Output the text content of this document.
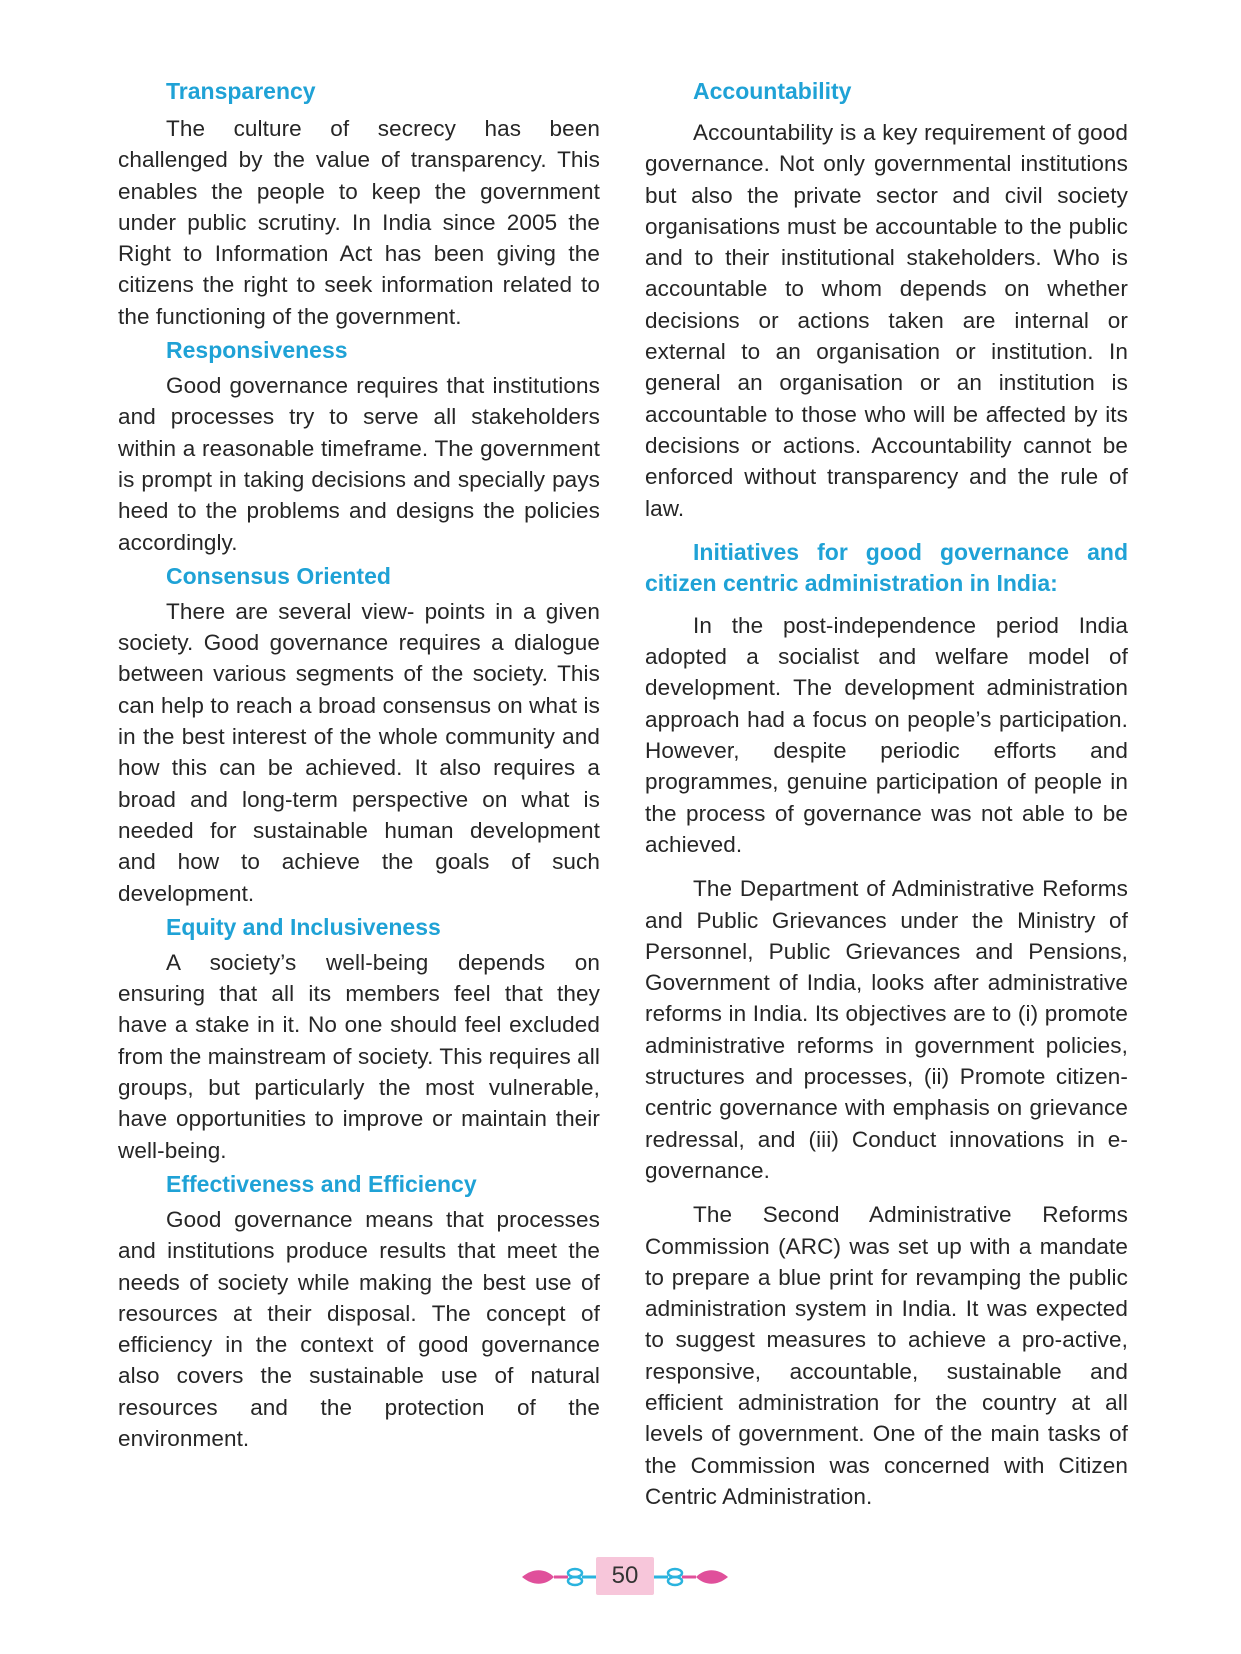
Transparency

The culture of secrecy has been challenged by the value of transparency. This enables the people to keep the government under public scrutiny. In India since 2005 the Right to Information Act has been giving the citizens the right to seek information related to the functioning of the government.

Responsiveness

Good governance requires that institutions and processes try to serve all stakeholders within a reasonable timeframe. The government is prompt in taking decisions and specially pays heed to the problems and designs the policies accordingly.

Consensus Oriented

There are several view- points in a given society. Good governance requires a dialogue between various segments of the society. This can help to reach a broad consensus on what is in the best interest of the whole community and how this can be achieved. It also requires a broad and long-term perspective on what is needed for sustainable human development and how to achieve the goals of such development.

Equity and Inclusiveness

A society’s well-being depends on ensuring that all its members feel that they have a stake in it. No one should feel excluded from the mainstream of society. This requires all groups, but particularly the most vulnerable, have opportunities to improve or maintain their well-being.

Effectiveness and Efficiency

Good governance means that processes and institutions produce results that meet the needs of society while making the best use of resources at their disposal. The concept of efficiency in the context of good governance also covers the sustainable use of natural resources and the protection of the environment.

Accountability

Accountability is a key requirement of good governance. Not only governmental institutions but also the private sector and civil society organisations must be accountable to the public and to their institutional stakeholders. Who is accountable to whom depends on whether decisions or actions taken are internal or external to an organisation or institution. In general an organisation or an institution is accountable to those who will be affected by its decisions or actions. Accountability cannot be enforced without transparency and the rule of law.

Initiatives for good governance and citizen centric administration in India:

In the post-independence period India adopted a socialist and welfare model of development. The development administration approach had a focus on people’s participation. However, despite periodic efforts and programmes, genuine participation of people in the process of governance was not able to be achieved.

The Department of Administrative Reforms and Public Grievances under the Ministry of Personnel, Public Grievances and Pensions, Government of India, looks after administrative reforms in India. Its objectives are to (i) promote administrative reforms in government policies, structures and processes, (ii) Promote citizen-centric governance with emphasis on grievance redressal, and (iii) Conduct innovations in e-governance.

The Second Administrative Reforms Commission (ARC) was set up with a mandate to prepare a blue print for revamping the public administration system in India. It was expected to suggest measures to achieve a pro-active, responsive, accountable, sustainable and efficient administration for the country at all levels of government. One of the main tasks of the Commission was concerned with Citizen Centric Administration.

50
